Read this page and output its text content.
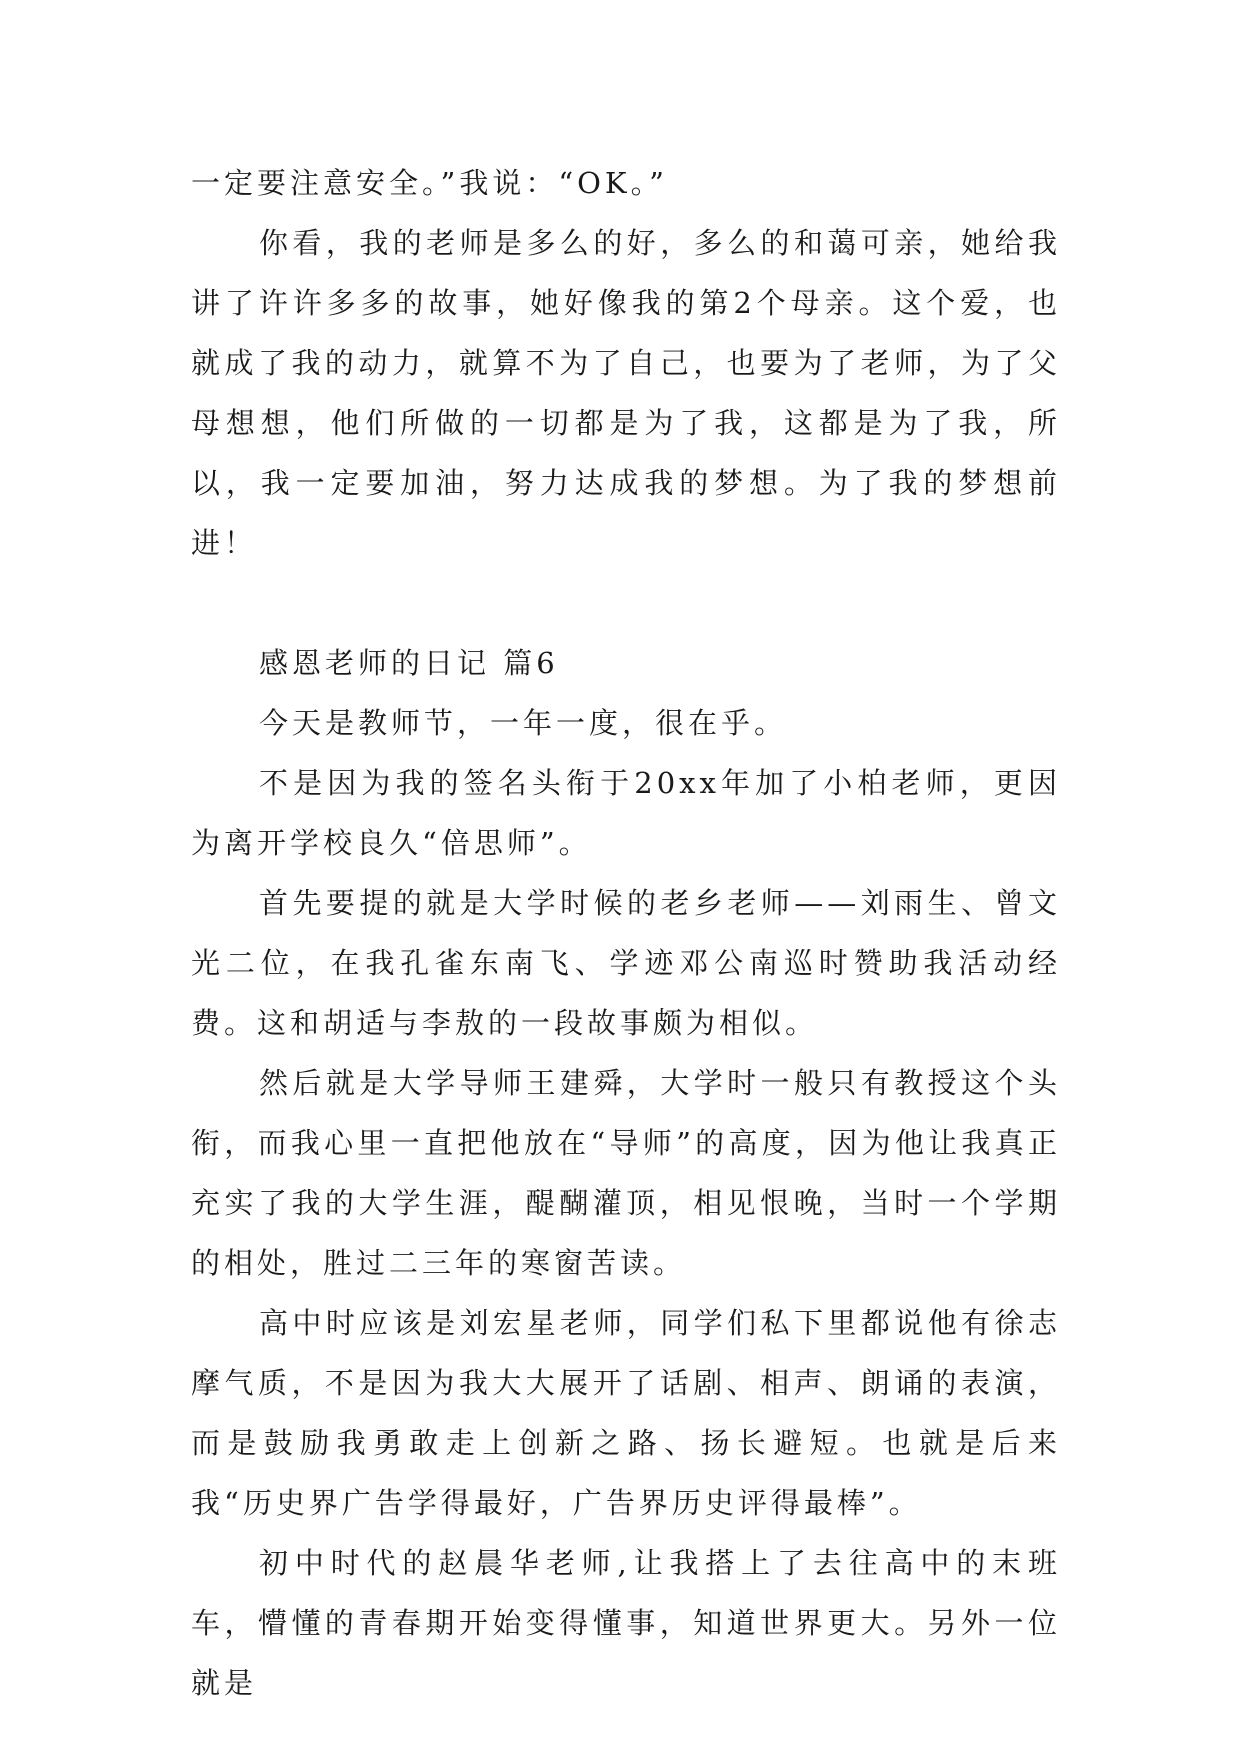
一定要注意安全。”我说：“OK。”

你看，我的老师是多么的好，多么的和蔼可亲，她给我讲了许许多多的故事，她好像我的第2个母亲。这个爱，也就成了我的动力，就算不为了自己，也要为了老师，为了父母想想，他们所做的一切都是为了我，这都是为了我，所以，我一定要加油，努力达成我的梦想。为了我的梦想前进！

感恩老师的日记 篇6

今天是教师节，一年一度，很在乎。

不是因为我的签名头衔于20xx年加了小柏老师，更因为离开学校良久“倍思师”。

首先要提的就是大学时候的老乡老师——刘雨生、曾文光二位，在我孔雀东南飞、学迹邓公南巡时赞助我活动经费。这和胡适与李敖的一段故事颇为相似。

然后就是大学导师王建舜，大学时一般只有教授这个头衔，而我心里一直把他放在“导师”的高度，因为他让我真正充实了我的大学生涯，醍醐灌顶，相见恨晚，当时一个学期的相处，胜过二三年的寒窗苦读。

高中时应该是刘宏星老师，同学们私下里都说他有徐志摩气质，不是因为我大大展开了话剧、相声、朗诵的表演，而是鼓励我勇敢走上创新之路、扬长避短。也就是后来我“历史界广告学得最好，广告界历史评得最棒”。

初中时代的赵晨华老师,让我搭上了去往高中的末班车，懵懂的青春期开始变得懂事，知道世界更大。另外一位就是
